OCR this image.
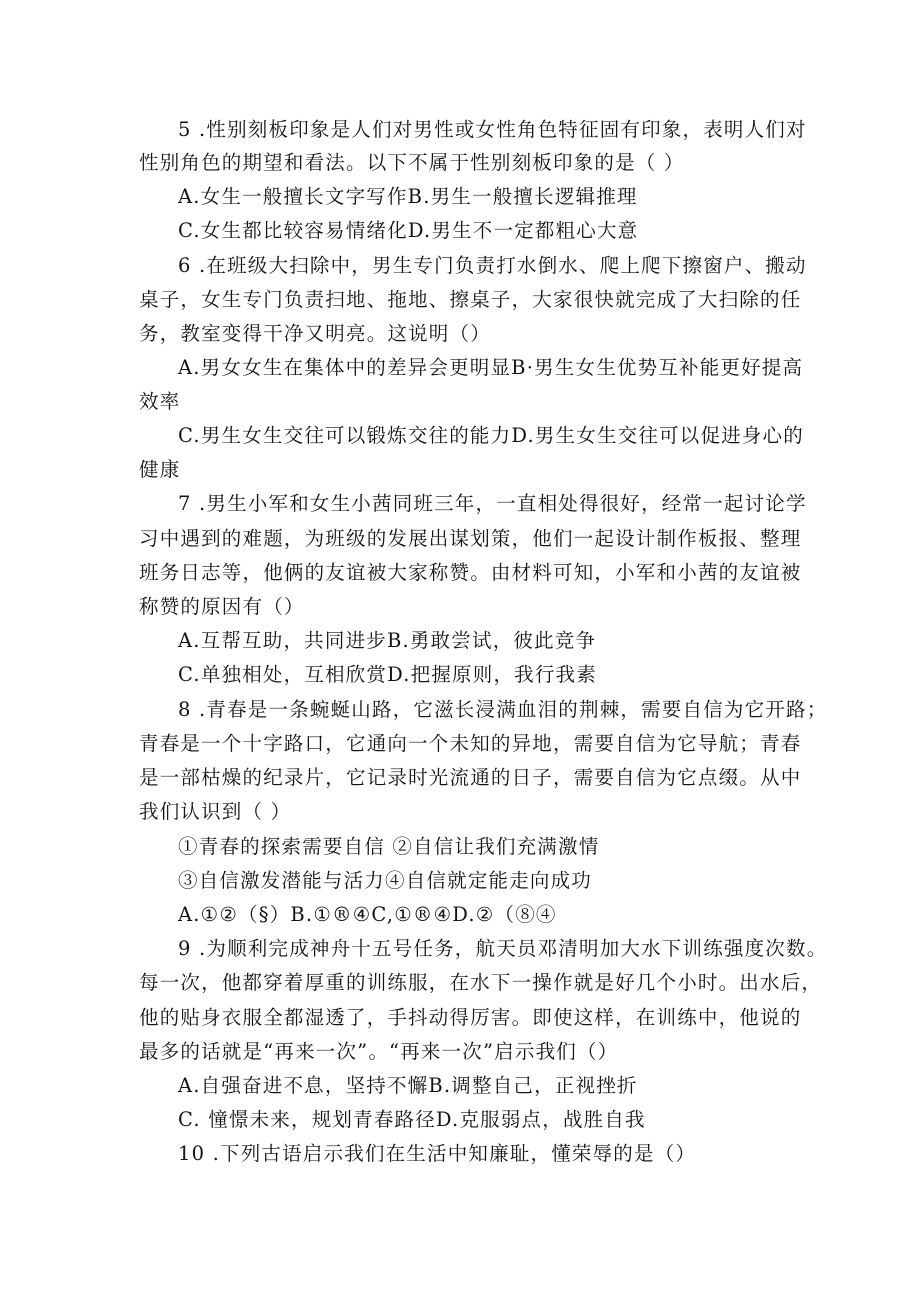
5 .性别刻板印象是人们对男性或女性角色特征固有印象，表明人们对
性别角色的期望和看法。以下不属于性别刻板印象的是（ ）
A.女生一般擅长文字写作B.男生一般擅长逻辑推理
C.女生都比较容易情绪化D.男生不一定都粗心大意
6 .在班级大扫除中，男生专门负责打水倒水、爬上爬下擦窗户、搬动
桌子，女生专门负责扫地、拖地、擦桌子，大家很快就完成了大扫除的任
务，教室变得干净又明亮。这说明（）
A.男女女生在集体中的差异会更明显B·男生女生优势互补能更好提高
效率
C.男生女生交往可以锻炼交往的能力D.男生女生交往可以促进身心的
健康
7 .男生小军和女生小茜同班三年，一直相处得很好，经常一起讨论学
习中遇到的难题，为班级的发展出谋划策，他们一起设计制作板报、整理
班务日志等，他俩的友谊被大家称赞。由材料可知，小军和小茜的友谊被
称赞的原因有（）
A.互帮互助，共同进步B.勇敢尝试，彼此竞争
C.单独相处，互相欣赏D.把握原则，我行我素
8 .青春是一条蜿蜒山路，它滋长浸满血泪的荆棘，需要自信为它开路；
青春是一个十字路口，它通向一个未知的异地，需要自信为它导航；青春
是一部枯燥的纪录片，它记录时光流通的日子，需要自信为它点缀。从中
我们认识到（ ）
①青春的探索需要自信 ②自信让我们充满激情
③自信激发潜能与活力④自信就定能走向成功
A.①②（§）B.①®④C,①®④D.②（⑧④
9 .为顺利完成神舟十五号任务，航天员邓清明加大水下训练强度次数。
每一次，他都穿着厚重的训练服，在水下一操作就是好几个小时。出水后，
他的贴身衣服全都湿透了，手抖动得厉害。即使这样，在训练中，他说的
最多的话就是“再来一次”。“再来一次”启示我们（）
A.自强奋进不息，坚持不懈B.调整自己，正视挫折
C. 憧憬未来，规划青春路径D.克服弱点，战胜自我
10 .下列古语启示我们在生活中知廉耻，懂荣辱的是（）
